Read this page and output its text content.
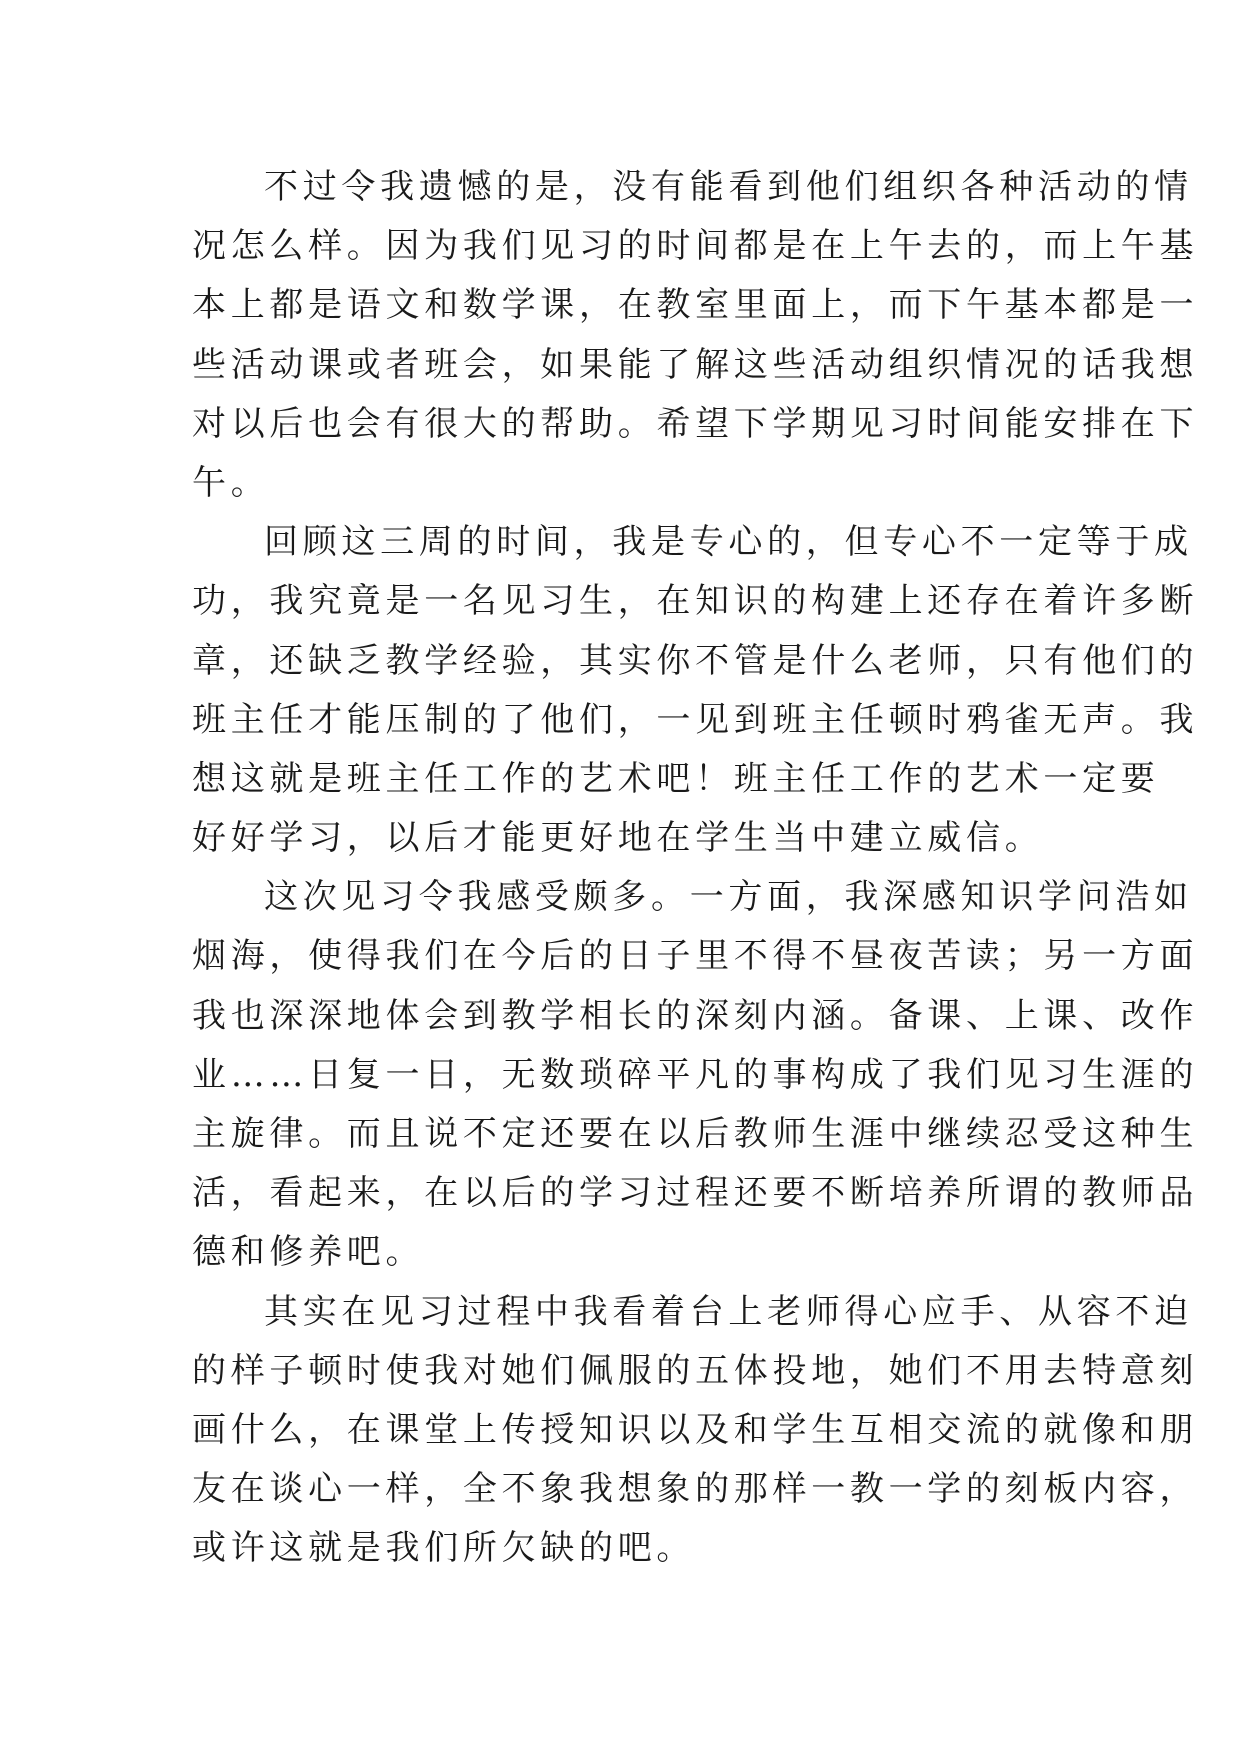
不过令我遗憾的是，没有能看到他们组织各种活动的情
况怎么样。因为我们见习的时间都是在上午去的，而上午基
本上都是语文和数学课，在教室里面上，而下午基本都是一
些活动课或者班会，如果能了解这些活动组织情况的话我想
对以后也会有很大的帮助。希望下学期见习时间能安排在下
午。
回顾这三周的时间，我是专心的，但专心不一定等于成
功，我究竟是一名见习生，在知识的构建上还存在着许多断
章，还缺乏教学经验，其实你不管是什么老师，只有他们的
班主任才能压制的了他们，一见到班主任顿时鸦雀无声。我
想这就是班主任工作的艺术吧！班主任工作的艺术一定要
好好学习，以后才能更好地在学生当中建立威信。
这次见习令我感受颇多。一方面，我深感知识学问浩如
烟海，使得我们在今后的日子里不得不昼夜苦读；另一方面
我也深深地体会到教学相长的深刻内涵。备课、上课、改作
业……日复一日，无数琐碎平凡的事构成了我们见习生涯的
主旋律。而且说不定还要在以后教师生涯中继续忍受这种生
活，看起来，在以后的学习过程还要不断培养所谓的教师品
德和修养吧。
其实在见习过程中我看着台上老师得心应手、从容不迫
的样子顿时使我对她们佩服的五体投地，她们不用去特意刻
画什么，在课堂上传授知识以及和学生互相交流的就像和朋
友在谈心一样，全不象我想象的那样一教一学的刻板内容，
或许这就是我们所欠缺的吧。
